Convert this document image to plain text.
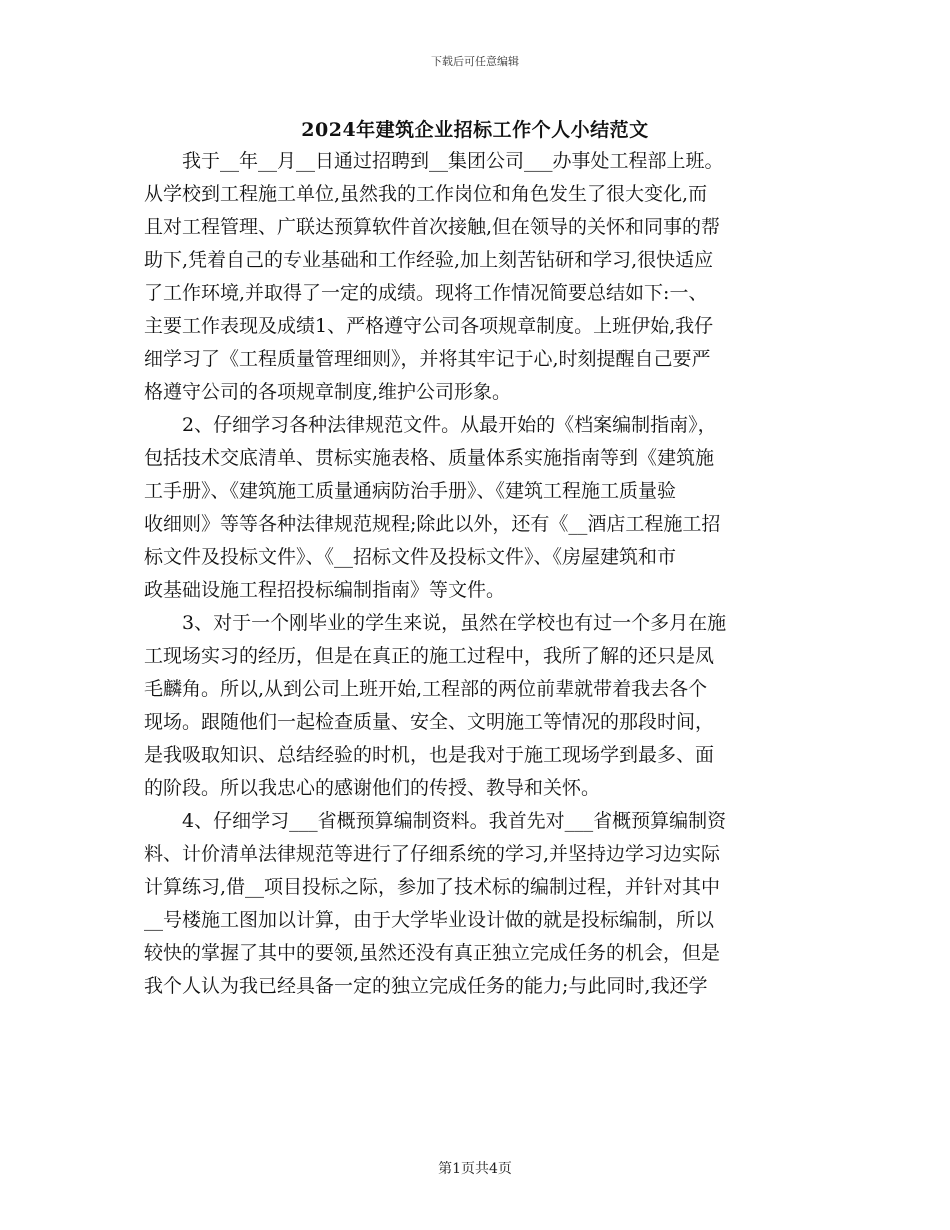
下载后可任意编辑
2024年建筑企业招标工作个人小结范文
　　我于__年__月__日通过招聘到__集团公司___办事处工程部上班。
从学校到工程施工单位,虽然我的工作岗位和角色发生了很大变化,而
且对工程管理、广联达预算软件首次接触,但在领导的关怀和同事的帮
助下,凭着自己的专业基础和工作经验,加上刻苦钻研和学习,很快适应
了工作环境,并取得了一定的成绩。现将工作情况简要总结如下:一、
主要工作表现及成绩1、严格遵守公司各项规章制度。上班伊始,我仔
细学习了《工程质量管理细则》，并将其牢记于心,时刻提醒自己要严
格遵守公司的各项规章制度,维护公司形象。
　　2、仔细学习各种法律规范文件。从最开始的《档案编制指南》，
包括技术交底清单、贯标实施表格、质量体系实施指南等到《建筑施
工手册》、《建筑施工质量通病防治手册》、《建筑工程施工质量验
收细则》等等各种法律规范规程;除此以外，还有《__酒店工程施工招
标文件及投标文件》、《__招标文件及投标文件》、《房屋建筑和市
政基础设施工程招投标编制指南》等文件。
　　3、对于一个刚毕业的学生来说，虽然在学校也有过一个多月在施
工现场实习的经历，但是在真正的施工过程中，我所了解的还只是凤
毛麟角。所以,从到公司上班开始,工程部的两位前辈就带着我去各个
现场。跟随他们一起检查质量、安全、文明施工等情况的那段时间，
是我吸取知识、总结经验的时机，也是我对于施工现场学到最多、面
的阶段。所以我忠心的感谢他们的传授、教导和关怀。
　　4、仔细学习___省概预算编制资料。我首先对___省概预算编制资
料、计价清单法律规范等进行了仔细系统的学习,并坚持边学习边实际
计算练习,借__项目投标之际，参加了技术标的编制过程，并针对其中
__号楼施工图加以计算，由于大学毕业设计做的就是投标编制，所以
较快的掌握了其中的要领,虽然还没有真正独立完成任务的机会，但是
我个人认为我已经具备一定的独立完成任务的能力;与此同时,我还学
第1页共4页
